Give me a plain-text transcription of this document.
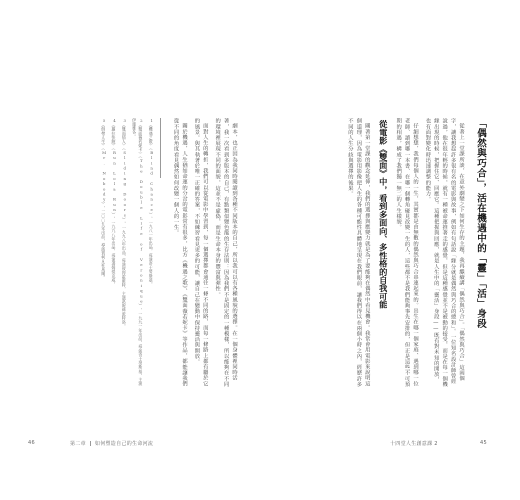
劇本，也正因為我同時閱讀到各種不同版本的自己，所以我可以有各種風貌的選擇。在一個身體裡同時活著，我一次看到多版本的自己，有點類似變色龍的生存法則：因為我們不是固定的一種模樣，所以能夠在不同的環境裡展現不同的面貌，這並不是虛偽，而是生命本身的豐富與彈性。

面對人生的轉折，我們可以從電影中學習到，每一個選擇都會通往一條不同的路，而每一條路上都有屬於它的風景。與其執著於唯一正確的答案，不如練習看見更多的可能，讓自己在變動中保持靈活與開放。

關於機遇，人生猶如命運的分岔的電影常有很多，比方《機遇之歌》、《雙面薇若妮卡》等作品，都能讓我們從不同的角度看見偶然如何改變一個人的一生。

1《機遇之歌》（Blind Chance），一九八一年出品，導演奇士勞斯基。
2《雙面薇若妮卡》（The Double Life of Veronique），一九九一年出品，導演奇士勞斯基，主演伊蓮雅各。
3《雙面情人》（Sliding Doors），一九九八年出品，導演彼得霍維特，主演葛妮絲派特洛。
4《蘿拉快跑》（Run Lola Run），一九九八年出品，導演湯姆提克威。
5《倒帶人生》（Mr. Nobody），二〇〇九年出品，導演賈柯凡杜馬爾。	「偶然與巧合」，活在機遇中的「靈」「活」身段

從著上一堂課所談，在意外劇變之下如何生存的主題，我再繼續講「偶然與巧合」。「偶然與巧合」這兩個字，讓我想起許多很有名的電影與故事，例如有句話說「緣分就是偶然與巧合的總和」。一位知名設計師曾經說過，他在很年輕的時候，就有一種被命運推著走的感覺，但是這種感覺並不是被動的接受，而是在每一個機緣出現的時候，把握住它、回應它。這種把握與回應，就是人生中的「靈活」身段——既有對未知的開放，也有面對變化時迅速調整的能力。

仔細想想，我們每個人的一生，其實都是由無數的偶然與巧合串連起來的。出生在哪一個家庭、遇到哪一位老師、讀到哪一本書、在哪一個轉角碰見改變一生的人，這些都不是我們能夠事先安排的，但正是這些不可預期的相遇，構成了我們獨一無二的人生樣貌。

從電影《雙面》中，看到多面向、多性格的自我可能

關著第一堂課的觀念延伸，我們的選擇與應變力就是為了要能夠在偶然中看見機會。我常會用電影來說明這個道理，因為電影用影像把人生的各種可能性具體地呈現在我們眼前，讓我們得以在兩個小時之內，經歷許多不同的人生分歧與選擇的後果。

46	第二章 如何塑造自己的生命河流	十四堂人生創意課 2	45
